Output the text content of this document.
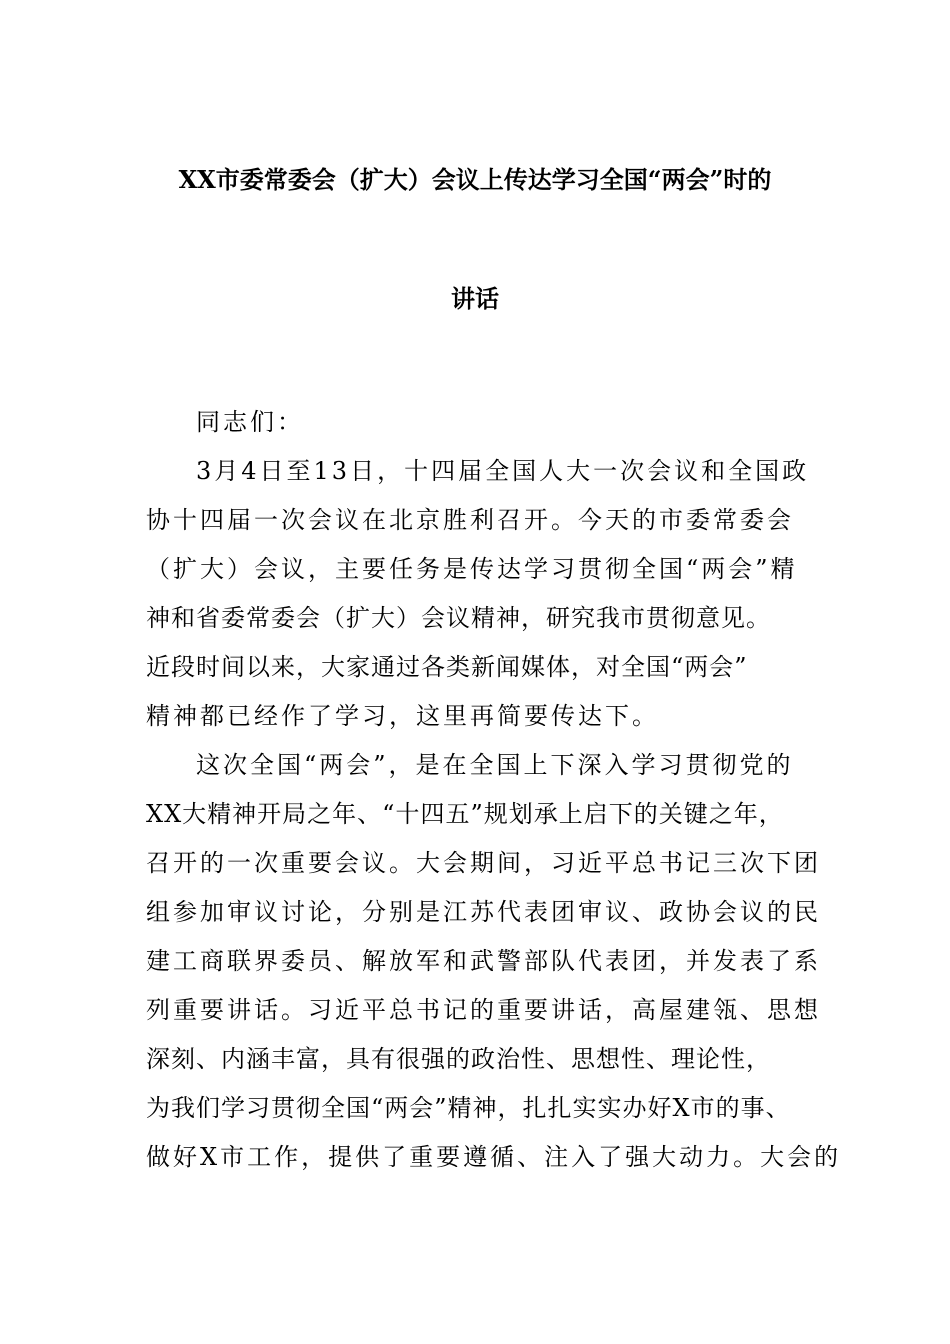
XX市委常委会（扩大）会议上传达学习全国“两会”时的
讲话
同志们：
3月4日至13日，十四届全国人大一次会议和全国政
协十四届一次会议在北京胜利召开。今天的市委常委会
（扩大）会议，主要任务是传达学习贯彻全国“两会”精
神和省委常委会（扩大）会议精神，研究我市贯彻意见。
近段时间以来，大家通过各类新闻媒体，对全国“两会”
精神都已经作了学习，这里再简要传达下。
这次全国“两会”，是在全国上下深入学习贯彻党的
XX大精神开局之年、“十四五”规划承上启下的关键之年，
召开的一次重要会议。大会期间，习近平总书记三次下团
组参加审议讨论，分别是江苏代表团审议、政协会议的民
建工商联界委员、解放军和武警部队代表团，并发表了系
列重要讲话。习近平总书记的重要讲话，高屋建瓴、思想
深刻、内涵丰富，具有很强的政治性、思想性、理论性，
为我们学习贯彻全国“两会”精神，扎扎实实办好X市的事、
做好X市工作，提供了重要遵循、注入了强大动力。大会的
